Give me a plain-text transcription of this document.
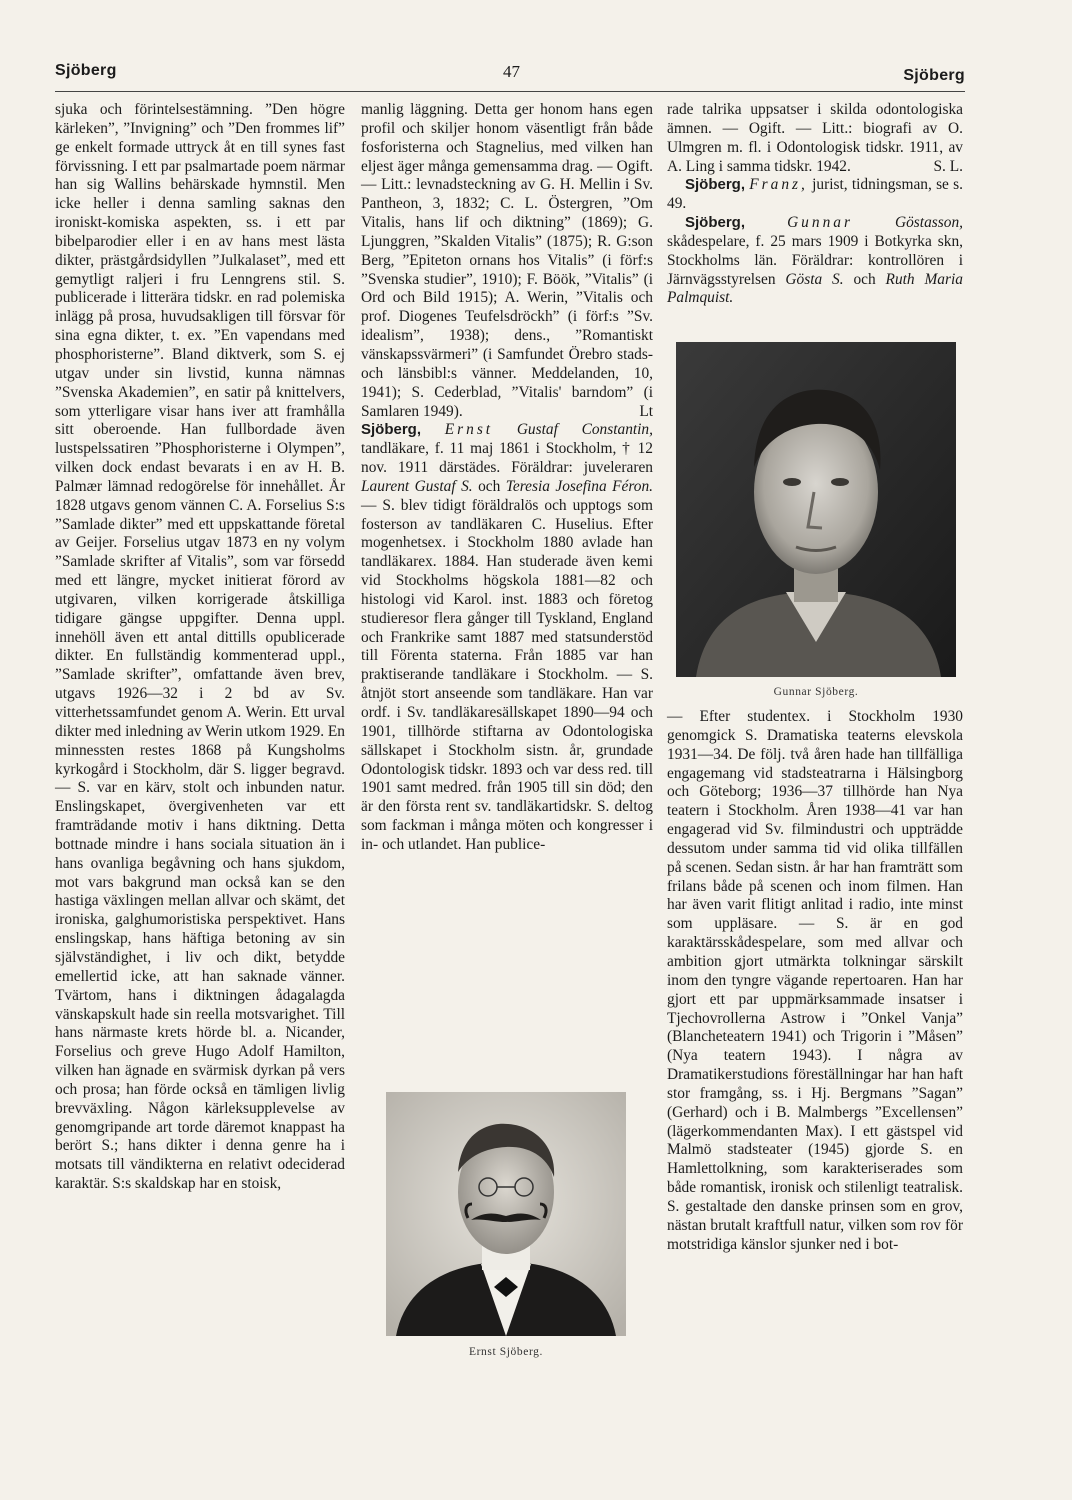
Sjöberg	47	Sjöberg

sjuka och förintelsestämning. ”Den högre kärleken”, ”Invigning” och ”Den frommes lif” ge enkelt formade uttryck åt en till synes fast förvissning. I ett par psalmartade poem närmar han sig Wallins behärskade hymnstil. Men icke heller i denna samling saknas den ironiskt-komiska aspekten, ss. i ett par bibelparodier eller i en av hans mest lästa dikter, prästgårdsidyllen ”Julkalaset”, med ett gemytligt raljeri i fru Lenngrens stil. S. publicerade i litterära tidskr. en rad polemiska inlägg på prosa, huvudsakligen till försvar för sina egna dikter, t. ex. ”En vapendans med phosphoristerne”. Bland diktverk, som S. ej utgav under sin livstid, kunna nämnas ”Svenska Akademien”, en satir på knittelvers, som ytterligare visar hans iver att framhålla sitt oberoende. Han fullbordade även lustspelssatiren ”Phosphoristerne i Olympen”, vilken dock endast bevarats i en av H. B. Palmær lämnad redogörelse för innehållet. År 1828 utgavs genom vännen C. A. Forselius S:s ”Samlade dikter” med ett uppskattande företal av Geijer. Forselius utgav 1873 en ny volym ”Samlade skrifter af Vitalis”, som var försedd med ett längre, mycket initierat förord av utgivaren, vilken korrigerade åtskilliga tidigare gängse uppgifter. Denna uppl. innehöll även ett antal dittills opublicerade dikter. En fullständig kommenterad uppl., ”Samlade skrifter”, omfattande även brev, utgavs 1926—32 i 2 bd av Sv. vitterhetssamfundet genom A. Werin. Ett urval dikter med inledning av Werin utkom 1929. En minnessten restes 1868 på Kungsholms kyrkogård i Stockholm, där S. ligger begravd. — S. var en kärv, stolt och inbunden natur. Enslingskapet, övergivenheten var ett framträdande motiv i hans diktning. Detta bottnade mindre i hans sociala situation än i hans ovanliga begåvning och hans sjukdom, mot vars bakgrund man också kan se den hastiga växlingen mellan allvar och skämt, det ironiska, galghumoristiska perspektivet. Hans enslingskap, hans häftiga betoning av sin självständighet, i liv och dikt, betydde emellertid icke, att han saknade vänner. Tvärtom, hans i diktningen ådagalagda vänskapskult hade sin reella motsvarighet. Till hans närmaste krets hörde bl. a. Nicander, Forselius och greve Hugo Adolf Hamilton, vilken han ägnade en svärmisk dyrkan på vers och prosa; han förde också en tämligen livlig brevväxling. Någon kärleksupplevelse av genomgripande art torde däremot knappast ha berört S.; hans dikter i denna genre ha i motsats till vändikterna en relativt odeciderad karaktär. S:s skaldskap har en stoisk,

manlig läggning. Detta ger honom hans egen profil och skiljer honom väsentligt från både fosforisterna och Stagnelius, med vilken han eljest äger många gemensamma drag. — Ogift. — Litt.: levnadsteckning av G. H. Mellin i Sv. Pantheon, 3, 1832; C. L. Östergren, ”Om Vitalis, hans lif och diktning” (1869); G. Ljunggren, ”Skalden Vitalis” (1875); R. G:son Berg, ”Epiteton ornans hos Vitalis” (i förf:s ”Svenska studier”, 1910); F. Böök, ”Vitalis” (i Ord och Bild 1915); A. Werin, ”Vitalis och prof. Diogenes Teufelsdröckh” (i förf:s ”Sv. idealism”, 1938); dens., ”Romantiskt vänskapssvärmeri” (i Samfundet Örebro stads- och länsbibl:s vänner. Meddelanden, 10, 1941); S. Cederblad, ”Vitalis' barndom” (i Samlaren 1949).	Lt

Sjöberg, Ernst Gustaf Constantin, tandläkare, f. 11 maj 1861 i Stockholm, † 12 nov. 1911 därstädes. Föräldrar: juveleraren Laurent Gustaf S. och Teresia Josefina Féron. — S. blev tidigt föräldralös och upptogs som fosterson av tandläkaren C. Huselius. Efter mogenhetsex. i Stockholm 1880 avlade han tandläkarex. 1884. Han studerade även kemi vid Stockholms högskola 1881—82 och histologi vid Karol. inst. 1883 och företog studieresor flera gånger till Tyskland, England och Frankrike samt 1887 med statsunderstöd till Förenta staterna. Från 1885 var han praktiserande tandläkare i Stockholm. — S. åtnjöt stort anseende som tandläkare. Han var ordf. i Sv. tandläkaresällskapet 1890—94 och 1901, tillhörde stiftarna av Odontologiska sällskapet i Stockholm sistn. år, grundade Odontologisk tidskr. 1893 och var dess red. till 1901 samt medred. från 1905 till sin död; den är den första rent sv. tandläkartidskr. S. deltog som fackman i många möten och kongresser i in- och utlandet. Han publice-

rade talrika uppsatser i skilda odontologiska ämnen. — Ogift. — Litt.: biografi av O. Ulmgren m. fl. i Odontologisk tidskr. 1911, av A. Ling i samma tidskr. 1942.	S. L.

Sjöberg, Franz, jurist, tidningsman, se s. 49.

Sjöberg,	Gunnar	Göstasson, skådespelare, f. 25 mars 1909 i Botkyrka skn, Stockholms län. Föräldrar: kontrollören i Järnvägsstyrelsen Gösta S. och Ruth Maria Palmquist.

Gunnar Sjöberg.

— Efter studentex. i Stockholm 1930 genomgick S. Dramatiska teaterns elevskola 1931—34. De följ. två åren hade han tillfälliga engagemang vid stadsteatrarna i Hälsingborg och Göteborg; 1936—37 tillhörde han Nya teatern i Stockholm. Åren 1938—41 var han engagerad vid Sv. filmindustri och uppträdde dessutom under samma tid vid olika tillfällen på scenen. Sedan sistn. år har han framträtt som frilans både på scenen och inom filmen. Han har även varit flitigt anlitad i radio, inte minst som uppläsare. — S. är en god karaktärsskådespelare, som med allvar och ambition gjort utmärkta tolkningar särskilt inom den tyngre vägande repertoaren. Han har gjort ett par uppmärksammade insatser i Tjechovrollerna Astrow i ”Onkel Vanja” (Blancheteatern 1941) och Trigorin i ”Måsen” (Nya teatern 1943). I några av Dramatikerstudions föreställningar har han haft stor framgång, ss. i Hj. Bergmans ”Sagan” (Gerhard) och i B. Malmbergs ”Excellensen” (lägerkommendanten Max). I ett gästspel vid Malmö stadsteater (1945) gjorde S. en Hamlettolkning, som karakteriserades som både romantisk, ironisk och stilenligt teatralisk. S. gestaltade den danske prinsen som en grov, nästan brutalt kraftfull natur, vilken som rov för motstridiga känslor sjunker ned i bot-

Ernst Sjöberg.
